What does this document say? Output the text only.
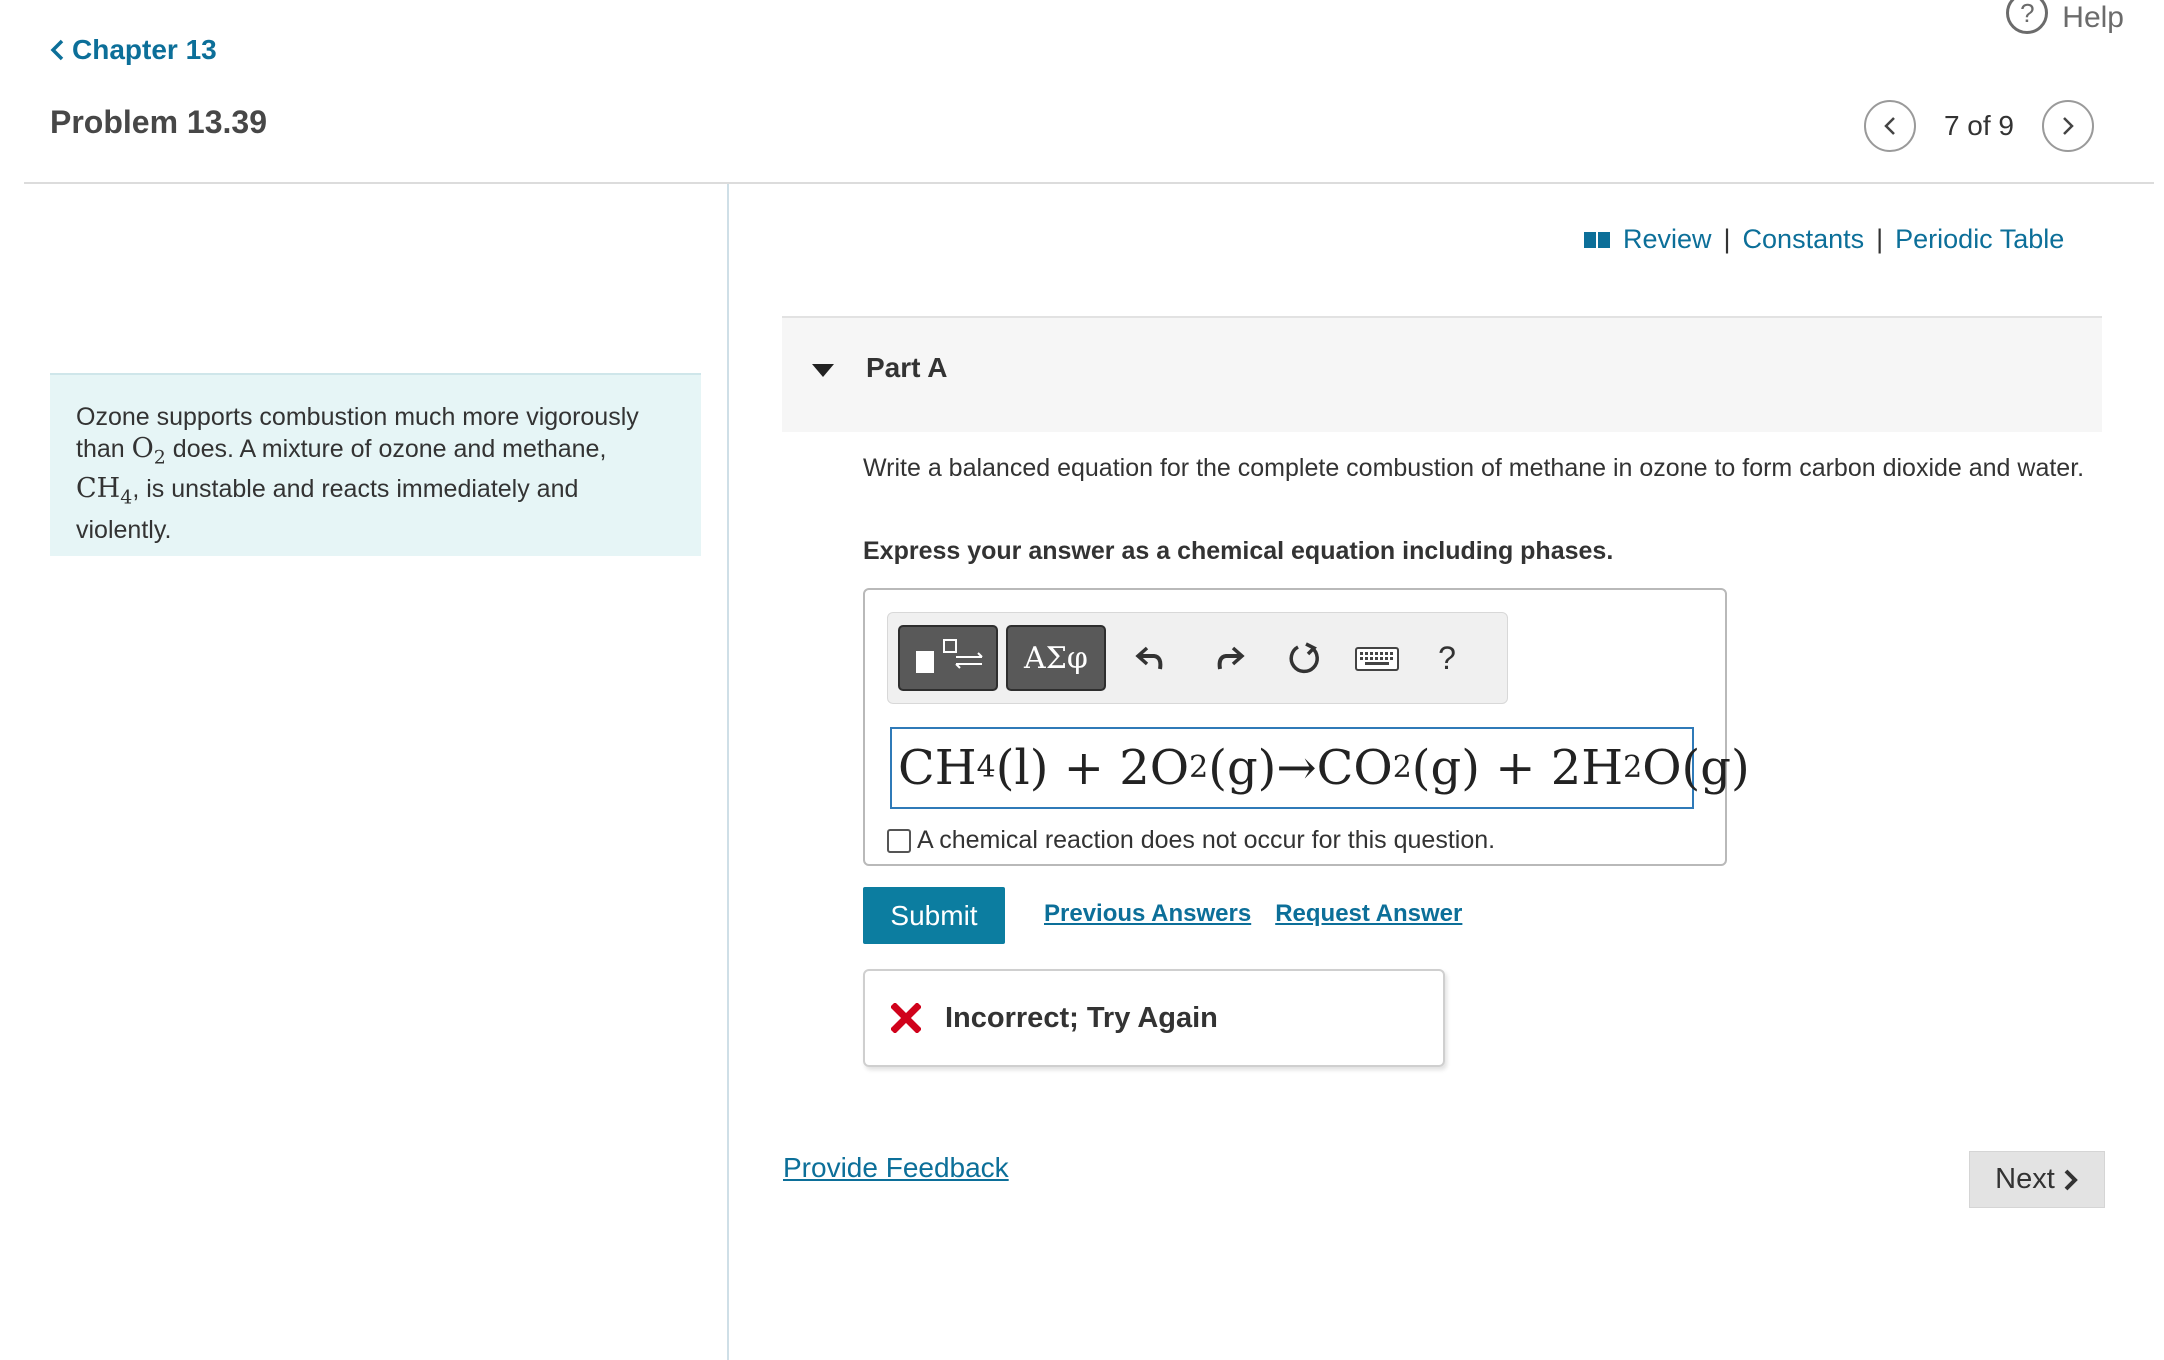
? Help
Chapter 13
Problem 13.39	7 of 9
Ozone supports combustion much more vigorously than $O_2$ does. A mixture of ozone and methane, $CH_4$, is unstable and reacts immediately and violently.
Review | Constants | Periodic Table
Part A
Write a balanced equation for the complete combustion of methane in ozone to form carbon dioxide and water.
Express your answer as a chemical equation including phases.
ΑΣφ	?
CH 4 (l) + 2O 2 (g)→CO 2 (g) + 2H 2 O(g)
A chemical reaction does not occur for this question.
Submit	Previous Answers Request Answer
Incorrect; Try Again
Provide Feedback	Next
